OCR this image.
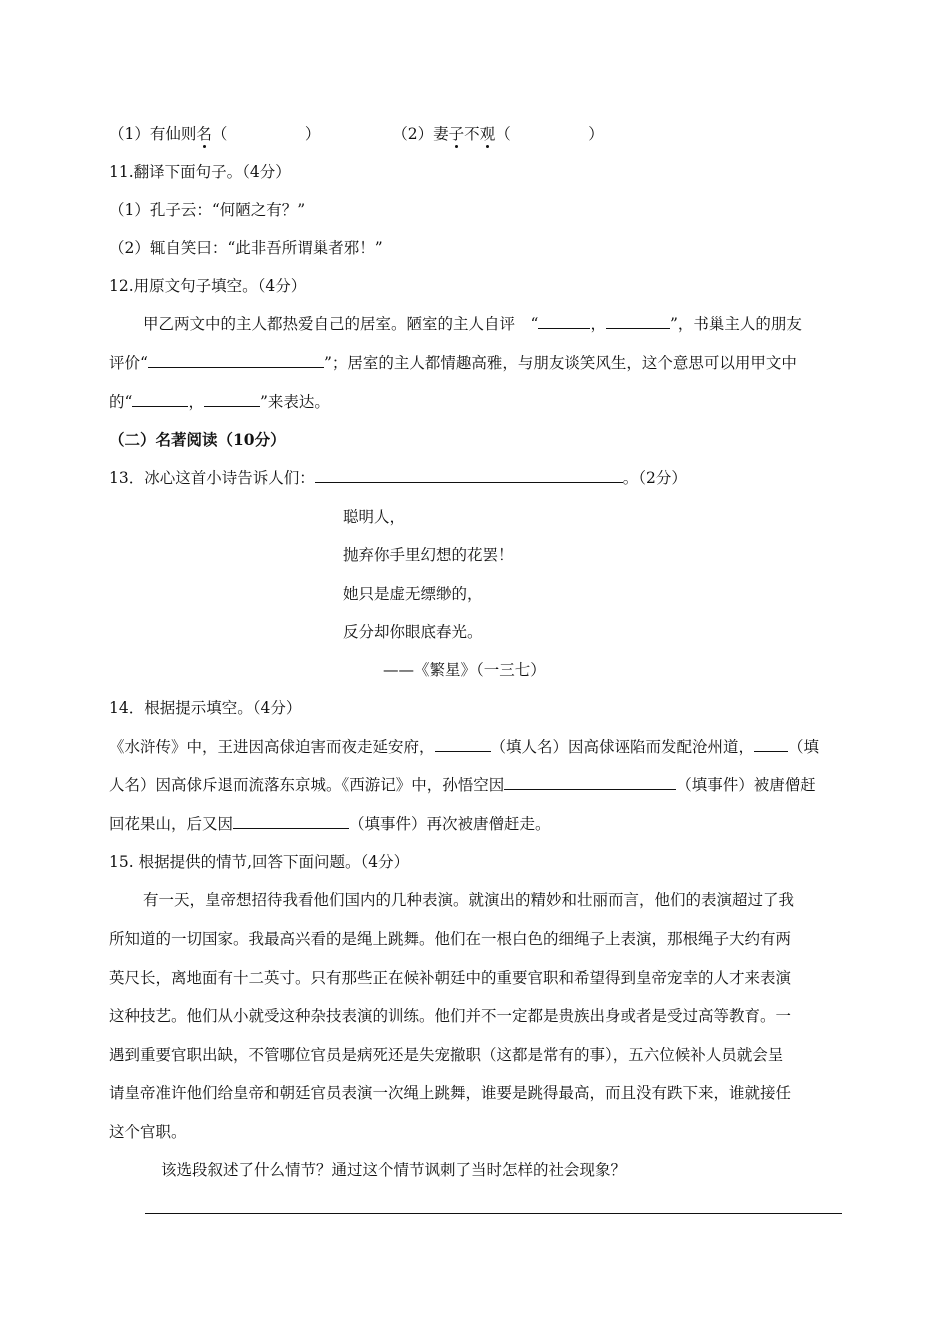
（1）有仙则名（　　　　　）	（2）妻子不观（　　　　　）
11.翻译下面句子。（4分）
（1）孔子云：“何陋之有？”
（2）辄自笑曰：“此非吾所谓巢者邪！”
12.用原文句子填空。（4分）
甲乙两文中的主人都热爱自己的居室。陋室的主人自评　“	，	”，书巢主人的朋友
评价“	”；居室的主人都情趣高雅，与朋友谈笑风生，这个意思可以用甲文中
的“	，	”来表达。
（二）名著阅读（10分）
13．冰心这首小诗告诉人们：	。（2分）
聪明人，
抛弃你手里幻想的花罢！
她只是虚无缥缈的，
反分却你眼底春光。
——《繁星》（一三七）
14．根据提示填空。（4分）
《水浒传》中，王进因高俅迫害而夜走延安府，	（填人名）因高俅诬陷而发配沧州道， （填
人名）因高俅斥退而流落东京城。《西游记》中，孙悟空因	（填事件）被唐僧赶
回花果山，后又因	（填事件）再次被唐僧赶走。
15. 根据提供的情节,回答下面问题。（4分）
有一天，皇帝想招待我看他们国内的几种表演。就演出的精妙和壮丽而言，他们的表演超过了我
所知道的一切国家。我最高兴看的是绳上跳舞。他们在一根白色的细绳子上表演，那根绳子大约有两
英尺长，离地面有十二英寸。只有那些正在候补朝廷中的重要官职和希望得到皇帝宠幸的人才来表演
这种技艺。他们从小就受这种杂技表演的训练。他们并不一定都是贵族出身或者是受过高等教育。一
遇到重要官职出缺，不管哪位官员是病死还是失宠撤职（这都是常有的事），五六位候补人员就会呈
请皇帝准许他们给皇帝和朝廷官员表演一次绳上跳舞，谁要是跳得最高，而且没有跌下来，谁就接任
这个官职。
该选段叙述了什么情节？通过这个情节讽刺了当时怎样的社会现象？
